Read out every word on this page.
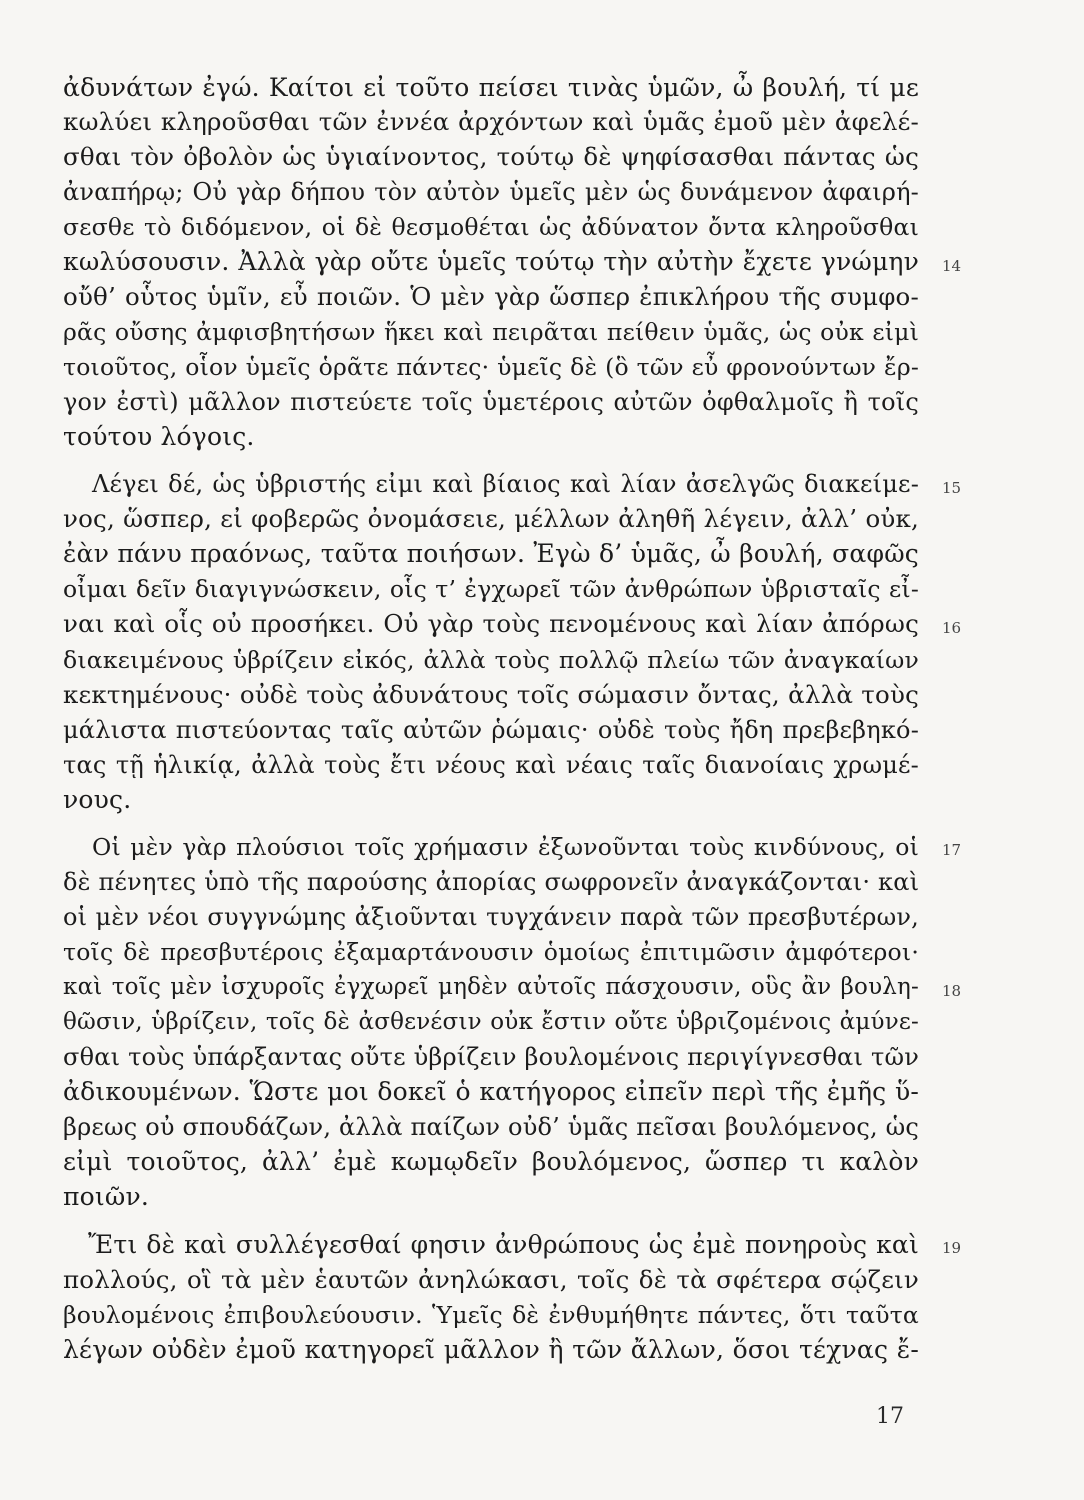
ἀδυνάτων ἐγώ. Καίτοι εἰ τοῦτο πείσει τινὰς ὑμῶν, ὦ βουλή, τί με
κωλύει κληροῦσθαι τῶν ἐννέα ἀρχόντων καὶ ὑμᾶς ἐμοῦ μὲν ἀφελέ-
σθαι τὸν ὀβολὸν ὡς ὑγιαίνοντος, τούτῳ δὲ ψηφίσασθαι πάντας ὡς
ἀναπήρῳ; Οὐ γὰρ δήπου τὸν αὐτὸν ὑμεῖς μὲν ὡς δυνάμενον ἀφαιρή-
σεσθε τὸ διδόμενον, οἱ δὲ θεσμοθέται ὡς ἀδύνατον ὄντα κληροῦσθαι
κωλύσουσιν. Ἀλλὰ γὰρ οὔτε ὑμεῖς τούτῳ τὴν αὐτὴν ἔχετε γνώμην
οὔθ’ οὗτος ὑμῖν, εὖ ποιῶν. Ὁ μὲν γὰρ ὥσπερ ἐπικλήρου τῆς συμφο-
ρᾶς οὔσης ἀμφισβητήσων ἥκει καὶ πειρᾶται πείθειν ὑμᾶς, ὡς οὐκ εἰμὶ
τοιοῦτος, οἷον ὑμεῖς ὁρᾶτε πάντες· ὑμεῖς δὲ (ὃ τῶν εὖ φρονούντων ἔρ-
γον ἐστὶ) μᾶλλον πιστεύετε τοῖς ὑμετέροις αὐτῶν ὀφθαλμοῖς ἢ τοῖς
τούτου λόγοις.
Λέγει δέ, ὡς ὑβριστής εἰμι καὶ βίαιος καὶ λίαν ἀσελγῶς διακείμε-
νος, ὥσπερ, εἰ φοβερῶς ὀνομάσειε, μέλλων ἀληθῆ λέγειν, ἀλλ’ οὐκ,
ἐὰν πάνυ πραόνως, ταῦτα ποιήσων. Ἐγὼ δ’ ὑμᾶς, ὦ βουλή, σαφῶς
οἶμαι δεῖν διαγιγνώσκειν, οἷς τ’ ἐγχωρεῖ τῶν ἀνθρώπων ὑβρισταῖς εἶ-
ναι καὶ οἷς οὐ προσήκει. Οὐ γὰρ τοὺς πενομένους καὶ λίαν ἀπόρως
διακειμένους ὑβρίζειν εἰκός, ἀλλὰ τοὺς πολλῷ πλείω τῶν ἀναγκαίων
κεκτημένους· οὐδὲ τοὺς ἀδυνάτους τοῖς σώμασιν ὄντας, ἀλλὰ τοὺς
μάλιστα πιστεύοντας ταῖς αὐτῶν ῥώμαις· οὐδὲ τοὺς ἤδη πρεβεβηκό-
τας τῇ ἡλικίᾳ, ἀλλὰ τοὺς ἔτι νέους καὶ νέαις ταῖς διανοίαις χρωμέ-
νους.
Οἱ μὲν γὰρ πλούσιοι τοῖς χρήμασιν ἐξωνοῦνται τοὺς κινδύνους, οἱ
δὲ πένητες ὑπὸ τῆς παρούσης ἀπορίας σωφρονεῖν ἀναγκάζονται· καὶ
οἱ μὲν νέοι συγγνώμης ἀξιοῦνται τυγχάνειν παρὰ τῶν πρεσβυτέρων,
τοῖς δὲ πρεσβυτέροις ἐξαμαρτάνουσιν ὁμοίως ἐπιτιμῶσιν ἀμφότεροι·
καὶ τοῖς μὲν ἰσχυροῖς ἐγχωρεῖ μηδὲν αὐτοῖς πάσχουσιν, οὓς ἂν βουλη-
θῶσιν, ὑβρίζειν, τοῖς δὲ ἀσθενέσιν οὐκ ἔστιν οὔτε ὑβριζομένοις ἀμύνε-
σθαι τοὺς ὑπάρξαντας οὔτε ὑβρίζειν βουλομένοις περιγίγνεσθαι τῶν
ἀδικουμένων. Ὥστε μοι δοκεῖ ὁ κατήγορος εἰπεῖν περὶ τῆς ἐμῆς ὕ-
βρεως οὐ σπουδάζων, ἀλλὰ παίζων οὐδ’ ὑμᾶς πεῖσαι βουλόμενος, ὡς
εἰμὶ τοιοῦτος, ἀλλ’ ἐμὲ κωμῳδεῖν βουλόμενος, ὥσπερ τι καλὸν
ποιῶν.
Ἔτι δὲ καὶ συλλέγεσθαί φησιν ἀνθρώπους ὡς ἐμὲ πονηροὺς καὶ
πολλούς, οἳ τὰ μὲν ἑαυτῶν ἀνηλώκασι, τοῖς δὲ τὰ σφέτερα σῴζειν
βουλομένοις ἐπιβουλεύουσιν. Ὑμεῖς δὲ ἐνθυμήθητε πάντες, ὅτι ταῦτα
λέγων οὐδὲν ἐμοῦ κατηγορεῖ μᾶλλον ἢ τῶν ἄλλων, ὅσοι τέχνας ἔ-
14
15
16
17
18
19
17
